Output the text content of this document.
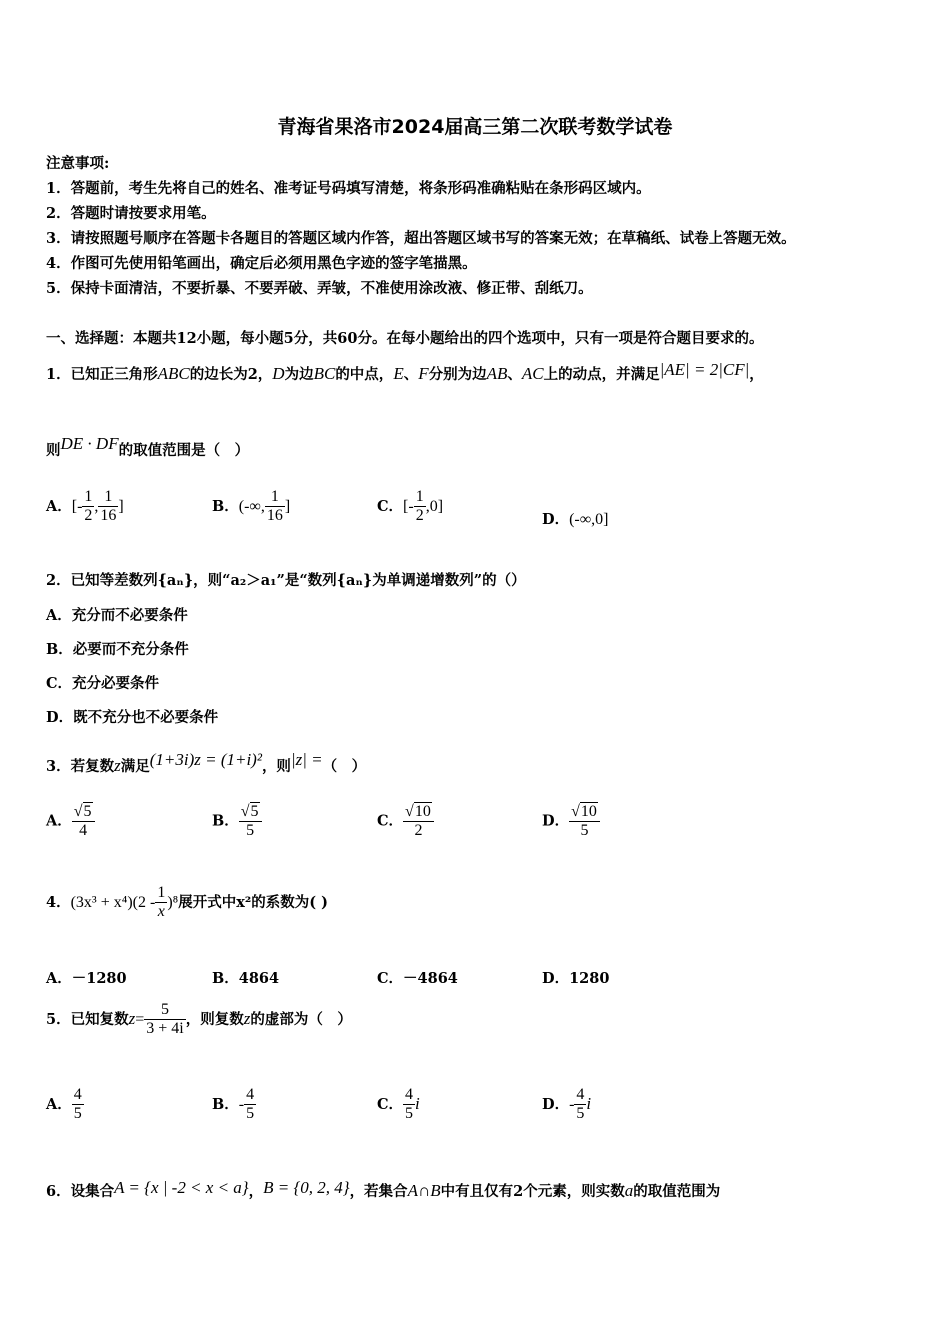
青海省果洛市2024届高三第二次联考数学试卷
注意事项:
1．答题前，考生先将自己的姓名、准考证号码填写清楚，将条形码准确粘贴在条形码区域内。
2．答题时请按要求用笔。
3．请按照题号顺序在答题卡各题目的答题区域内作答，超出答题区域书写的答案无效；在草稿纸、试卷上答题无效。
4．作图可先使用铅笔画出，确定后必须用黑色字迹的签字笔描黑。
5．保持卡面清洁，不要折暴、不要弄破、弄皱，不准使用涂改液、修正带、刮纸刀。
一、选择题：本题共12小题，每小题5分，共60分。在每小题给出的四个选项中，只有一项是符合题目要求的。
1．已知正三角形ABC的边长为2，D为边BC的中点，E、F分别为边AB、AC上的动点，并满足|AE| = 2|CF|，
则DE · DF的取值范围是（　）
A．[- $\frac{1}{2}$ , $\frac{1}{16}$ ]	B．(-∞, $\frac{1}{16}$ ]	C．[- $\frac{1}{2} ,0$]
D．(-∞,0]
2．已知等差数列{aₙ}，则“a₂＞a₁”是“数列{aₙ}为单调递增数列”的（）
A．充分而不必要条件
B．必要而不充分条件
C．充分必要条件
D．既不充分也不必要条件
3．若复数z满足(1+3i)z = (1+i)²，则|z| =（　）
A． $\frac{√5}{4}$	B． $\frac{√5}{5}$	C． $\frac{√10}{2}$	D． $\frac{√10}{5}$
4．$(3x^3 + x^4)(2 - \frac{1}{x} )^8$展开式中x²的系数为( )
A．－1280	B．4864	C．－4864	D．1280
5．已知复数$z= \frac{5}{3 + 4i}$ ，则复数z的虚部为（　）
A． $\frac{4}{5}$	B．- $\frac{4}{5}$	C． $\frac{4}{5}$ i	D．- $\frac{4}{5}$ i
6．设集合A = {x | -2 < x < a}，B = {0, 2, 4}，若集合A∩B中有且仅有2个元素，则实数a的取值范围为
